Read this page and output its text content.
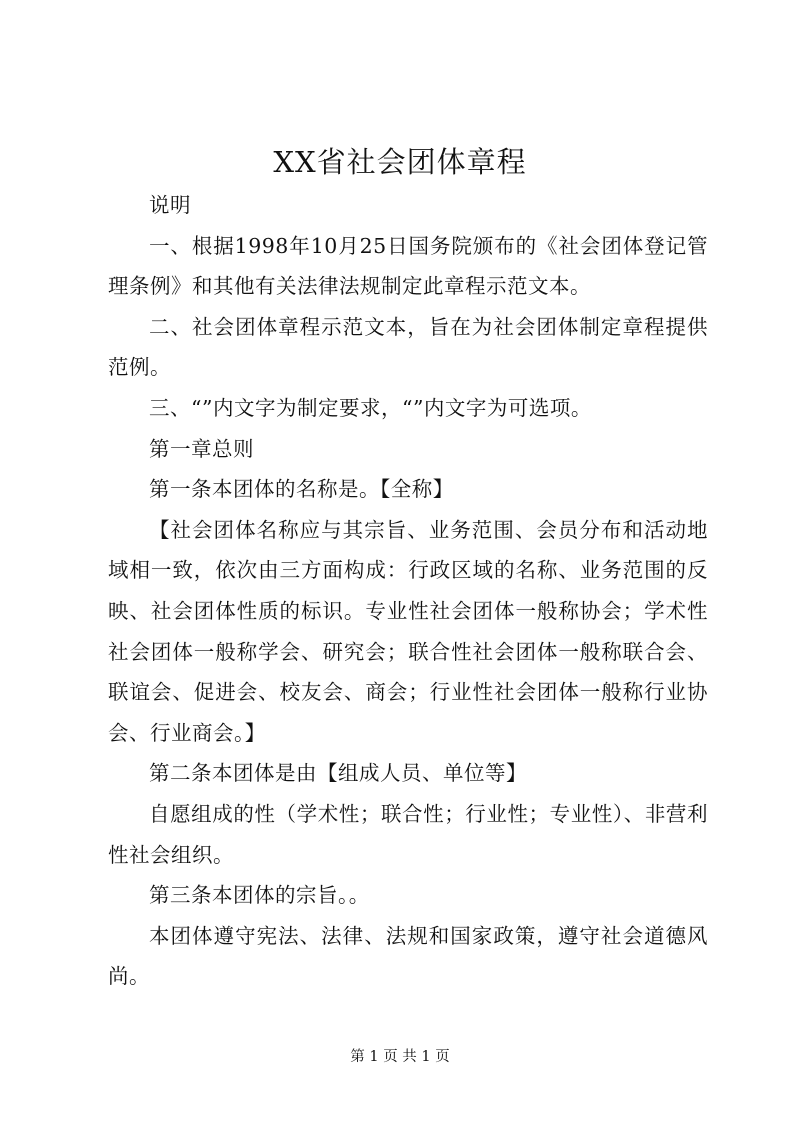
XX省社会团体章程

说明

一、根据1998年10月25日国务院颁布的《社会团体登记管理条例》和其他有关法律法规制定此章程示范文本。

二、社会团体章程示范文本，旨在为社会团体制定章程提供范例。

三、“”内文字为制定要求，“”内文字为可选项。

第一章总则

第一条本团体的名称是。【全称】

【社会团体名称应与其宗旨、业务范围、会员分布和活动地域相一致，依次由三方面构成：行政区域的名称、业务范围的反映、社会团体性质的标识。专业性社会团体一般称协会；学术性社会团体一般称学会、研究会；联合性社会团体一般称联合会、联谊会、促进会、校友会、商会；行业性社会团体一般称行业协会、行业商会。】

第二条本团体是由【组成人员、单位等】

自愿组成的性（学术性；联合性；行业性；专业性）、非营利性社会组织。

第三条本团体的宗旨。。

本团体遵守宪法、法律、法规和国家政策，遵守社会道德风尚。

第 1 页 共 1 页
